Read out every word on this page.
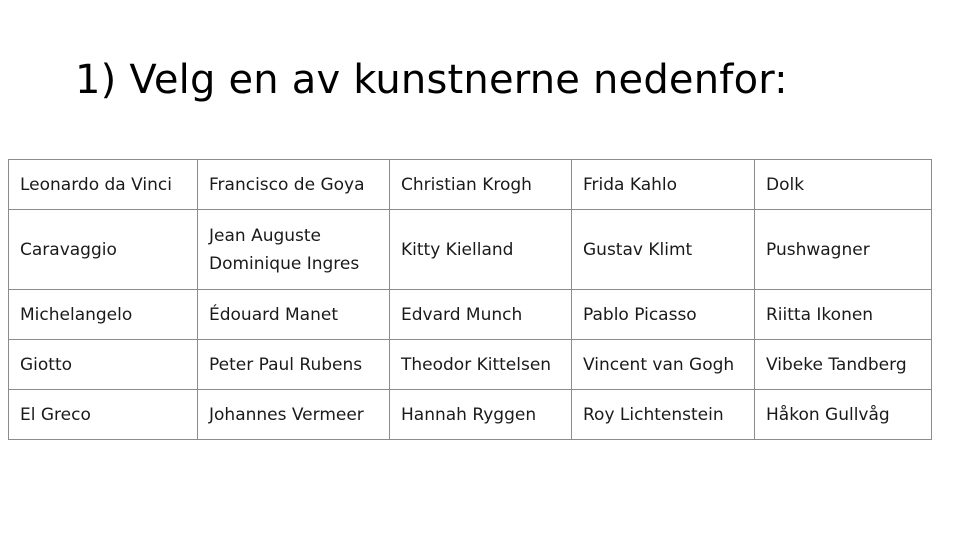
1) Velg en av kunstnerne nedenfor:
Leonardo da Vinci	Francisco de Goya	Christian Krogh	Frida Kahlo	Dolk
Caravaggio	Jean Auguste Dominique Ingres	Kitty Kielland	Gustav Klimt	Pushwagner
Michelangelo	Édouard Manet	Edvard Munch	Pablo Picasso	Riitta Ikonen
Giotto	Peter Paul Rubens	Theodor Kittelsen	Vincent van Gogh	Vibeke Tandberg
El Greco	Johannes Vermeer	Hannah Ryggen	Roy Lichtenstein	Håkon Gullvåg
